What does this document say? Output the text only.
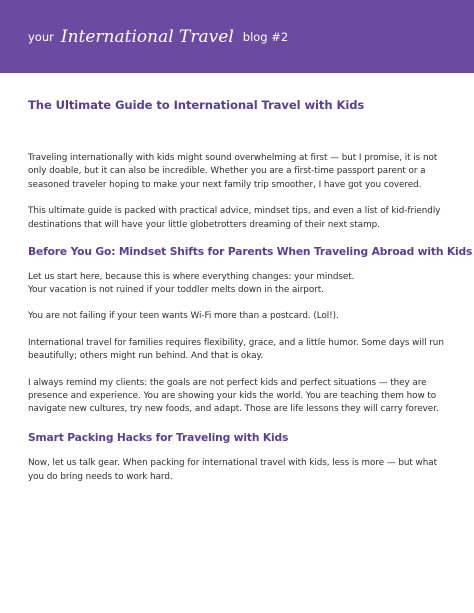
your International Travel blog #2
The Ultimate Guide to International Travel with Kids

Traveling internationally with kids might sound overwhelming at first — but I promise, it is not only doable, but it can also be incredible. Whether you are a first-time passport parent or a seasoned traveler hoping to make your next family trip smoother, I have got you covered.

This ultimate guide is packed with practical advice, mindset tips, and even a list of kid-friendly destinations that will have your little globetrotters dreaming of their next stamp.

Before You Go: Mindset Shifts for Parents When Traveling Abroad with Kids

Let us start here, because this is where everything changes: your mindset.

Your vacation is not ruined if your toddler melts down in the airport.

You are not failing if your teen wants Wi-Fi more than a postcard. (Lol!).

International travel for families requires flexibility, grace, and a little humor. Some days will run beautifully; others might run behind. And that is okay.

I always remind my clients: the goals are not perfect kids and perfect situations — they are presence and experience. You are showing your kids the world. You are teaching them how to navigate new cultures, try new foods, and adapt. Those are life lessons they will carry forever.

Smart Packing Hacks for Traveling with Kids

Now, let us talk gear. When packing for international travel with kids, less is more — but what you do bring needs to work hard.
